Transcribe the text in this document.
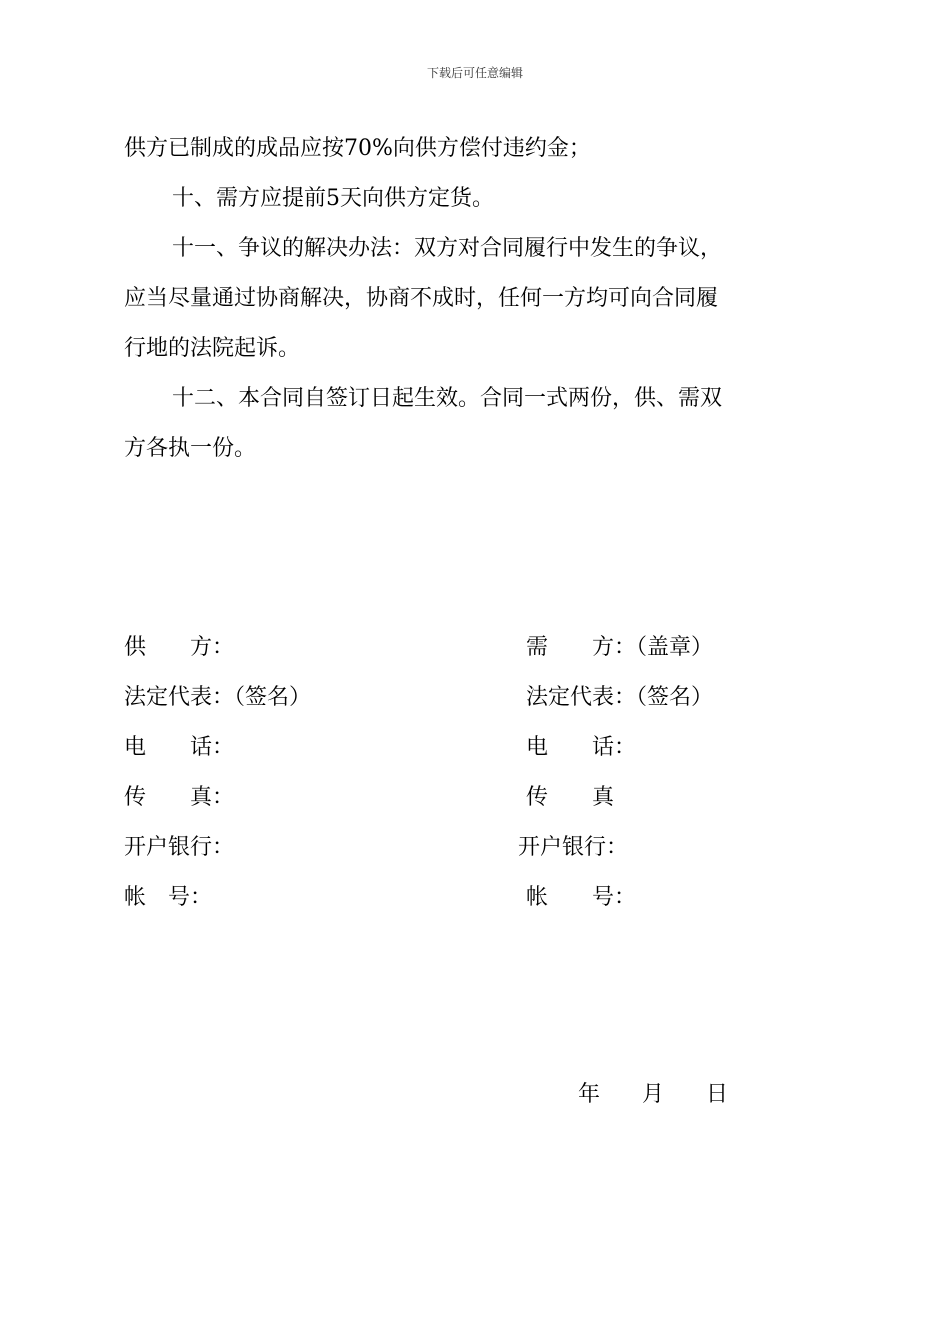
下载后可任意编辑

供方已制成的成品应按70%向供方偿付违约金；

十、需方应提前5天向供方定货。

十一、争议的解决办法：双方对合同履行中发生的争议，

应当尽量通过协商解决，协商不成时，任何一方均可向合同履

行地的法院起诉。

十二、本合同自签订日起生效。合同一式两份，供、需双

方各执一份。

供　　方：
法定代表：（签名）
电　　话：
传　　真：
开户银行：
帐　号：
需　　方：（盖章）
法定代表：（签名）
电　　话：
传　　真
开户银行：
帐　　号：
年 月 日
